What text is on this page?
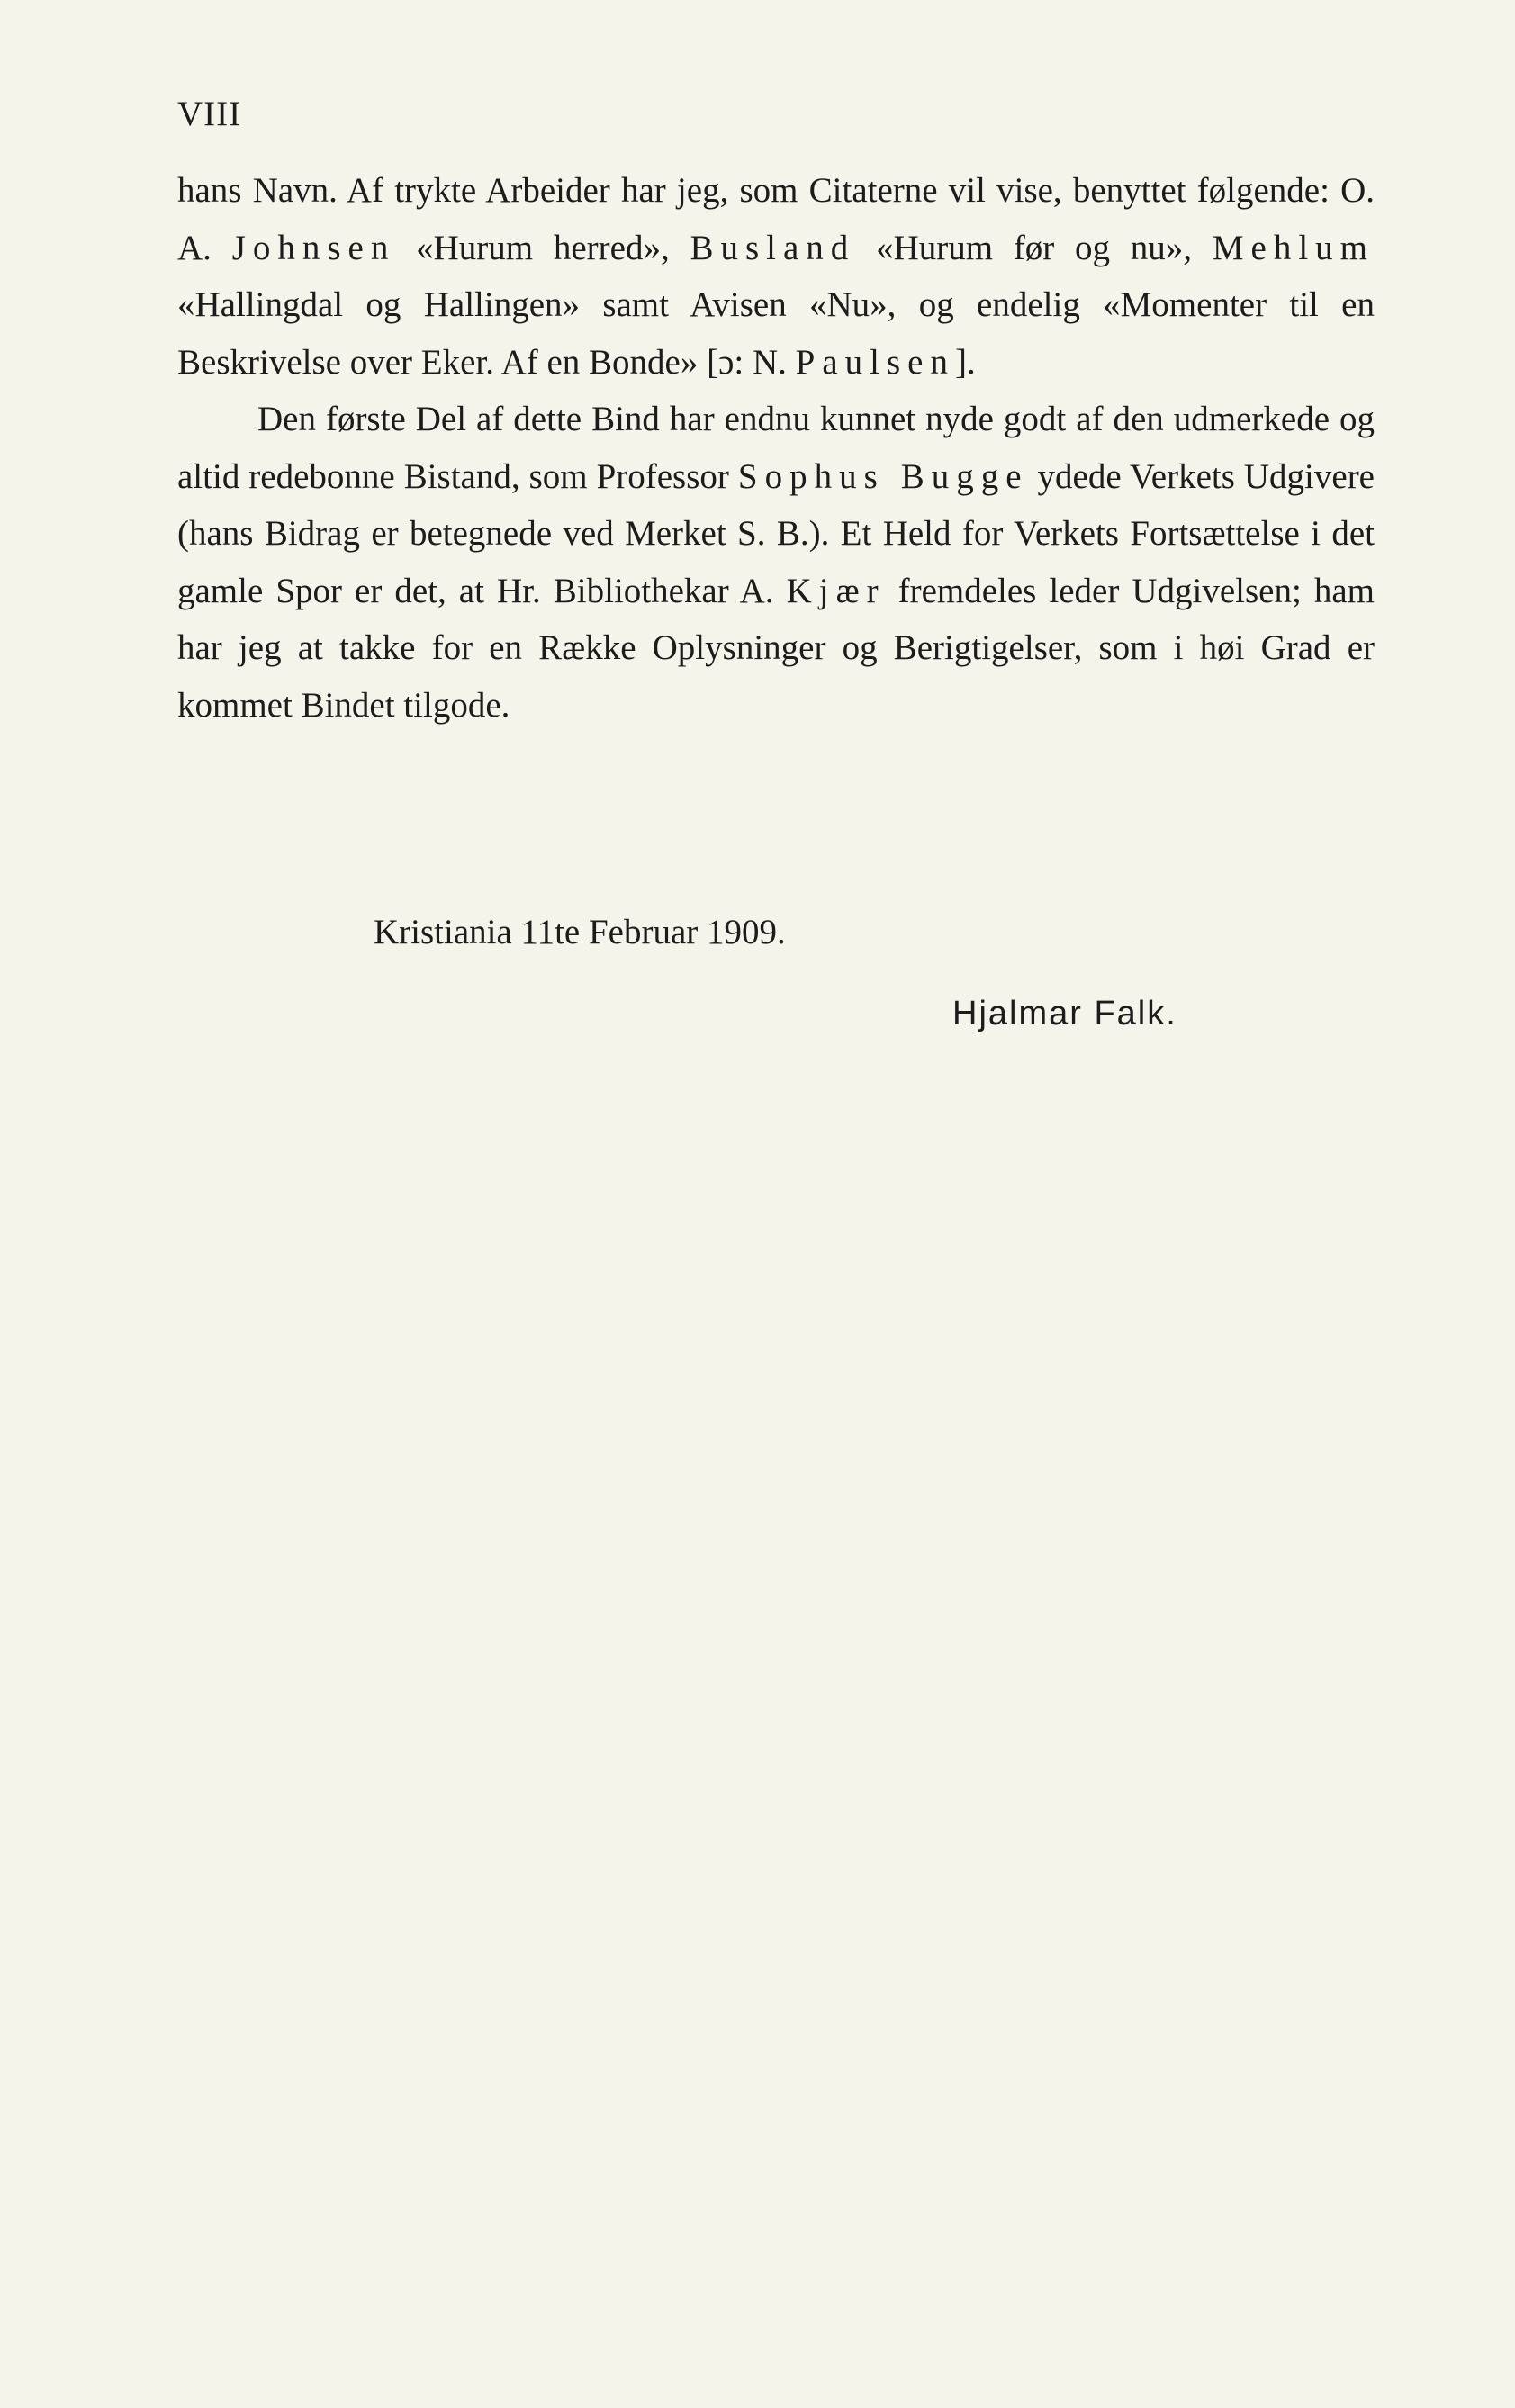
VIII

hans Navn. Af trykte Arbeider har jeg, som Citaterne vil vise, benyttet følgende: O. A. Johnsen «Hurum herred», Busland «Hurum før og nu», Mehlum «Hallingdal og Hallingen» samt Avisen «Nu», og endelig «Momenter til en Beskrivelse over Eker. Af en Bonde» [ɔ: N. Paulsen].

Den første Del af dette Bind har endnu kunnet nyde godt af den udmerkede og altid redebonne Bistand, som Professor Sophus Bugge ydede Verkets Udgivere (hans Bidrag er betegnede ved Merket S. B.). Et Held for Verkets Fortsættelse i det gamle Spor er det, at Hr. Bibliothekar A. Kjær fremdeles leder Udgivelsen; ham har jeg at takke for en Række Oplysninger og Berigtigelser, som i høi Grad er kommet Bindet tilgode.

Kristiania 11te Februar 1909.
Hjalmar Falk.
